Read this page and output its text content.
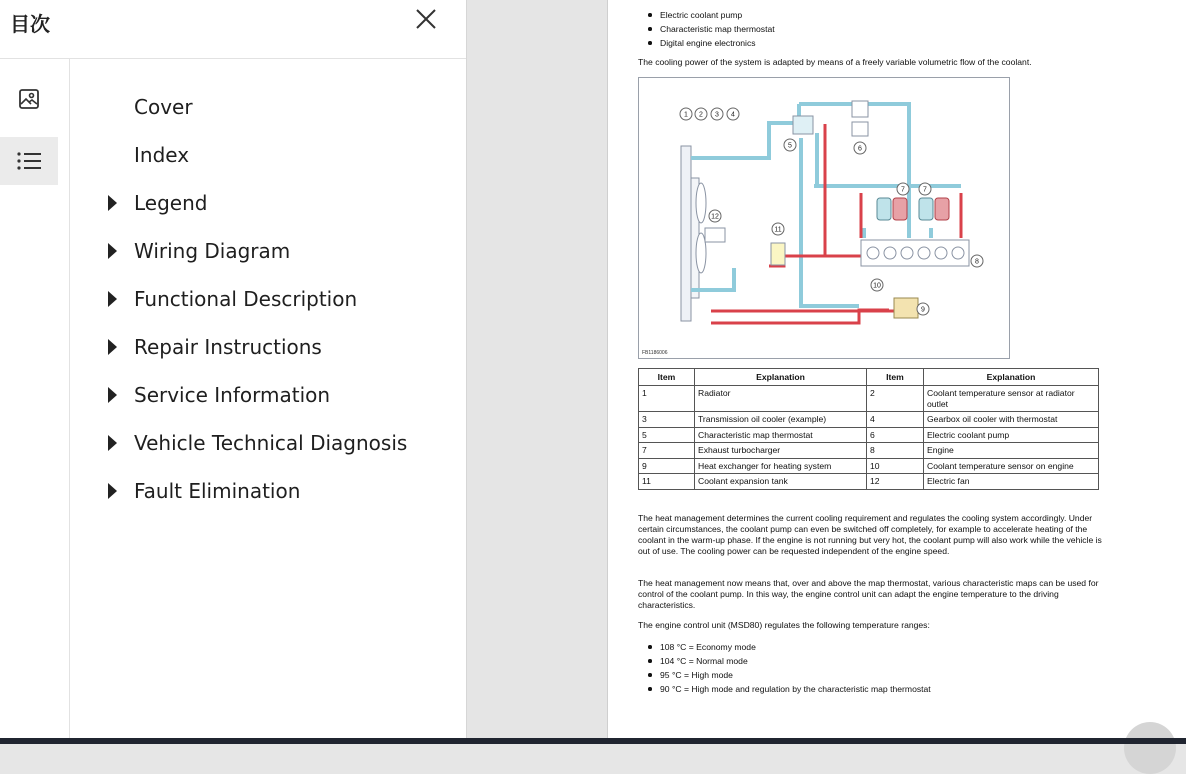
目次
Cover
Index
Legend
Wiring Diagram
Functional Description
Repair Instructions
Service Information
Vehicle Technical Diagnosis
Fault Elimination
Electric coolant pump
Characteristic map thermostat
Digital engine electronics

The cooling power of the system is adapted by means of a freely variable volumetric flow of the coolant.

1 2 3 4
5	6
7	7
8
9
10
11
12
FB1186006
Item	Explanation	Item	Explanation
1	Radiator	2	Coolant temperature sensor at radiator outlet
3	Transmission oil cooler (example)	4	Gearbox oil cooler with thermostat
5	Characteristic map thermostat	6	Electric coolant pump
7	Exhaust turbocharger	8	Engine
9	Heat exchanger for heating system	10	Coolant temperature sensor on engine
11	Coolant expansion tank	12	Electric fan

The heat management determines the current cooling requirement and regulates the cooling system accordingly. Under certain circumstances, the coolant pump can even be switched off completely, for example to accelerate heating of the coolant in the warm-up phase. If the engine is not running but very hot, the coolant pump will also work while the vehicle is out of use. The cooling power can be requested independent of the engine speed.

The heat management now means that, over and above the map thermostat, various characteristic maps can be used for control of the coolant pump. In this way, the engine control unit can adapt the engine temperature to the driving characteristics.

The engine control unit (MSD80) regulates the following temperature ranges:

108 °C = Economy mode
104 °C = Normal mode
95 °C = High mode
90 °C = High mode and regulation by the characteristic map thermostat
